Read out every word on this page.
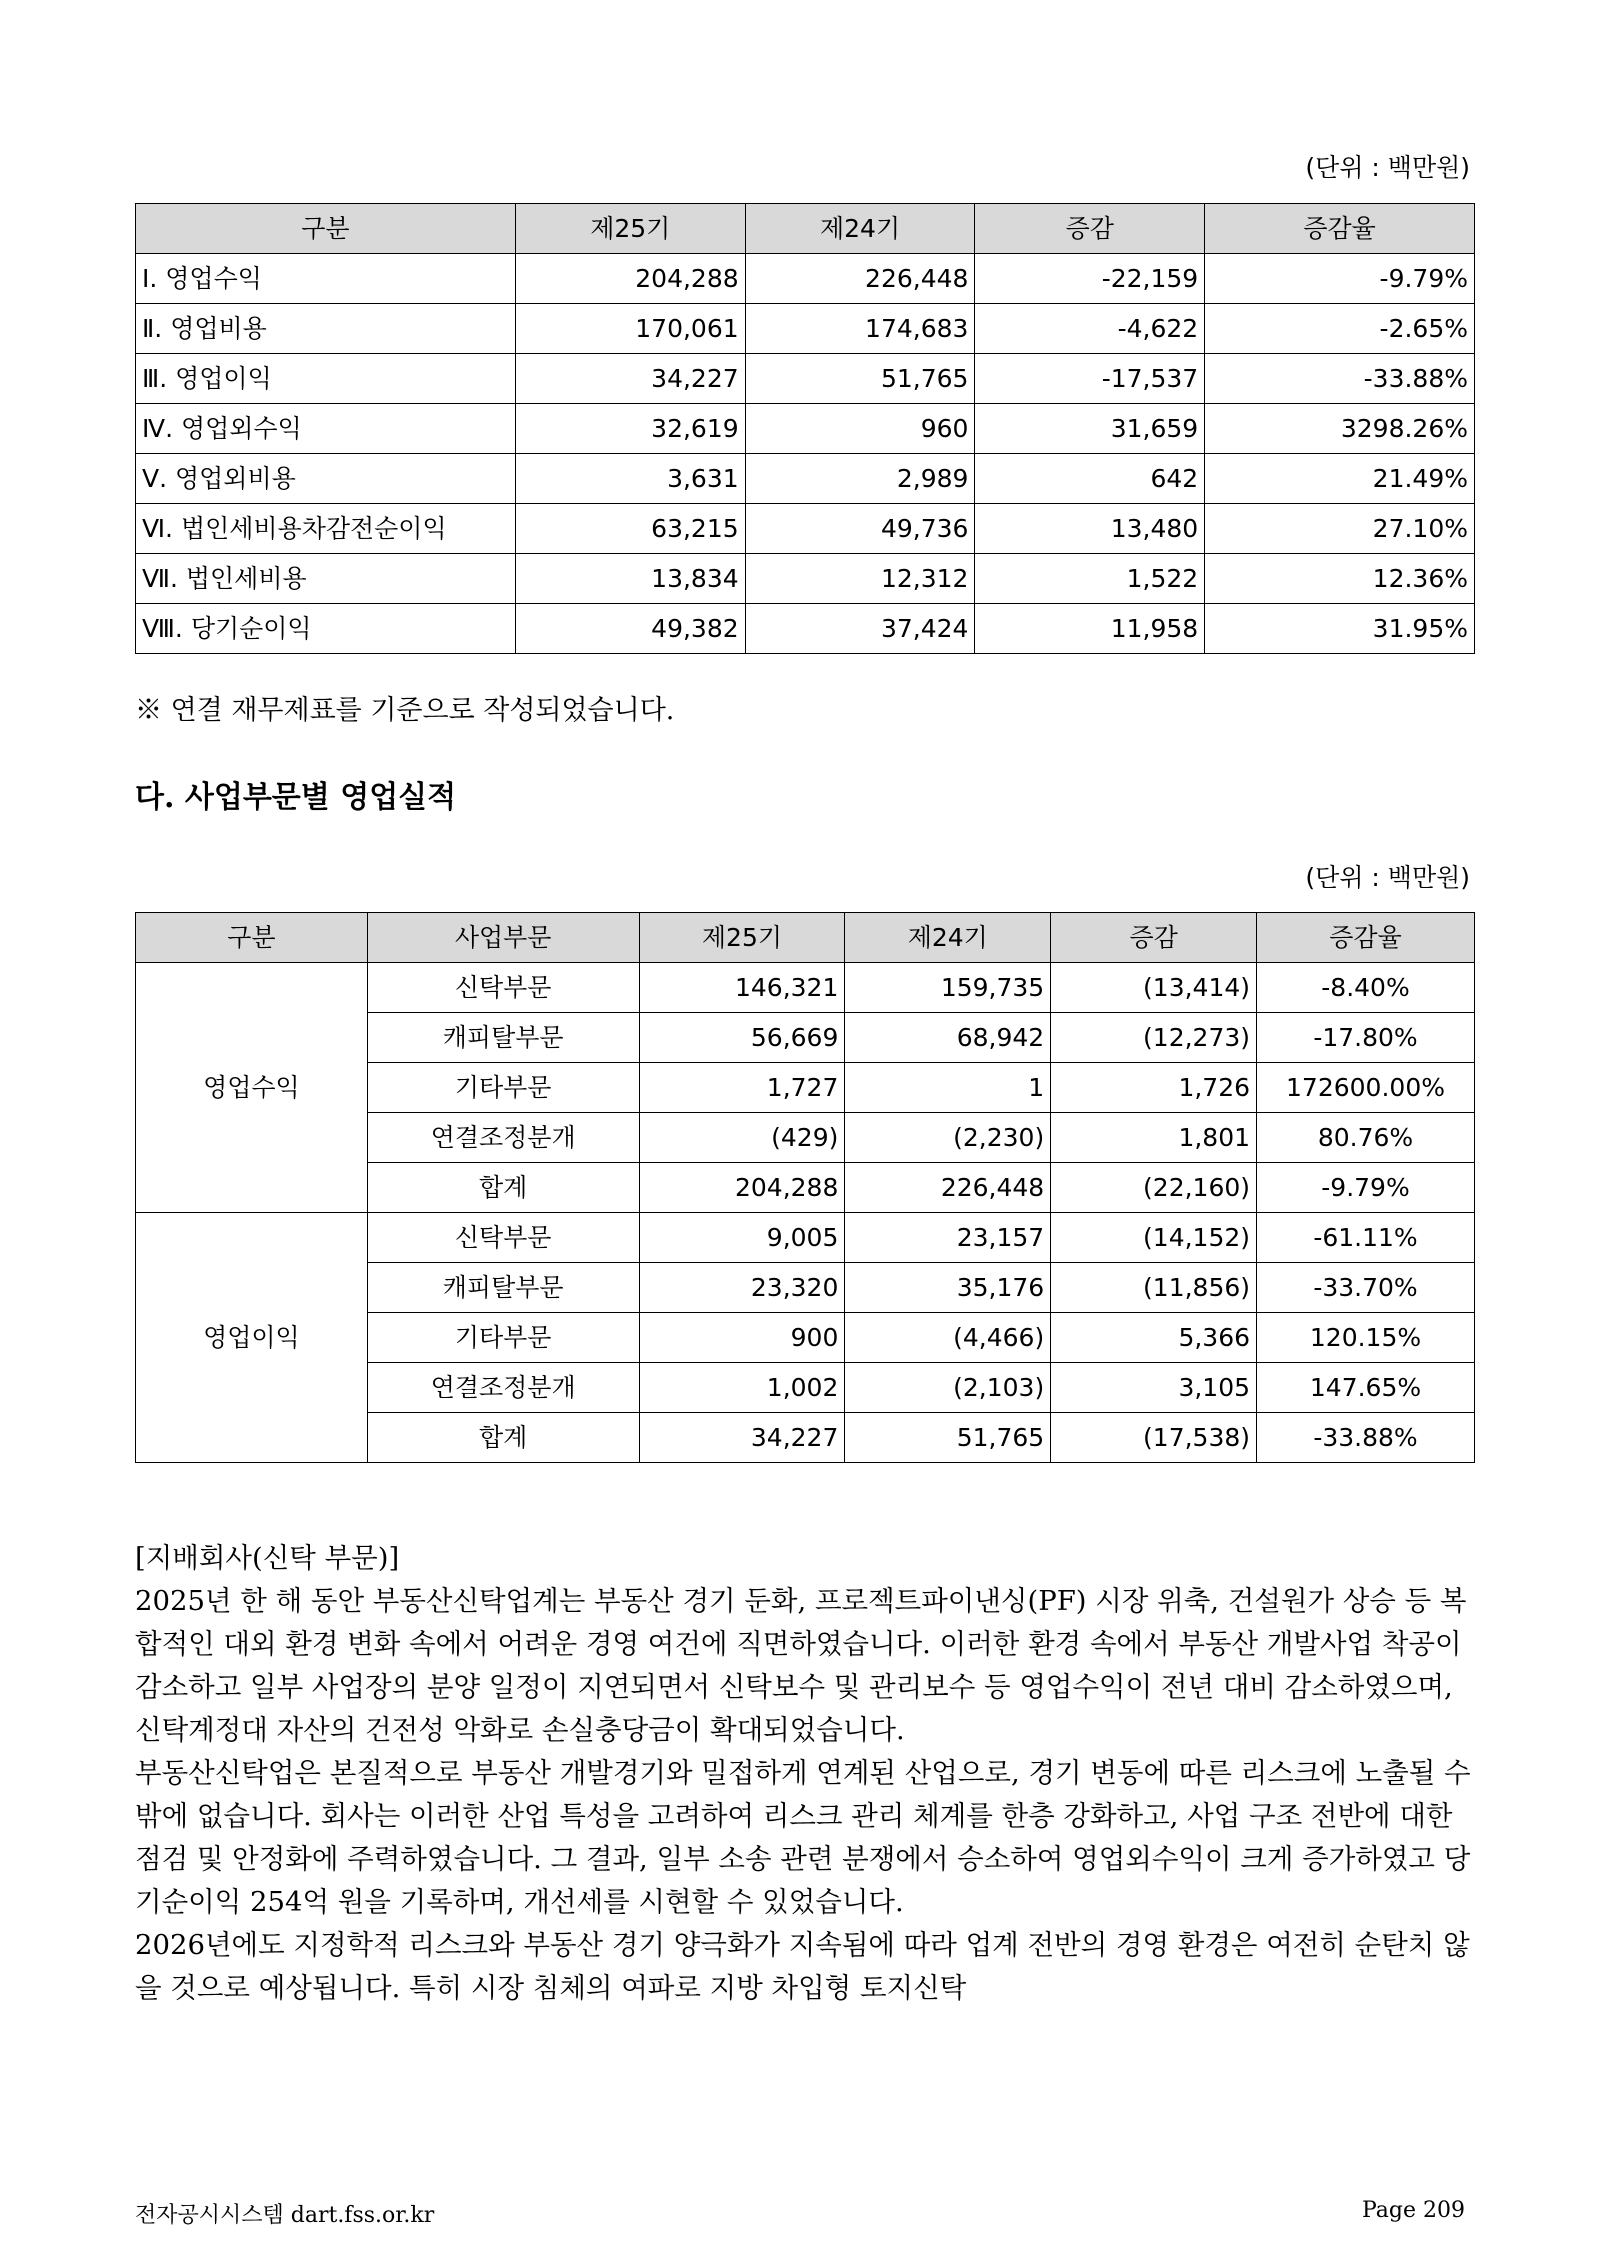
(단위 : 백만원)
구분	제25기	제24기	증감	증감율
Ⅰ. 영업수익	204,288	226,448	-22,159	-9.79%
Ⅱ. 영업비용	170,061	174,683	-4,622	-2.65%
Ⅲ. 영업이익	34,227	51,765	-17,537	-33.88%
Ⅳ. 영업외수익	32,619	960	31,659	3298.26%
Ⅴ. 영업외비용	3,631	2,989	642	21.49%
Ⅵ. 법인세비용차감전순이익	63,215	49,736	13,480	27.10%
Ⅶ. 법인세비용	13,834	12,312	1,522	12.36%
Ⅷ. 당기순이익	49,382	37,424	11,958	31.95%
※ 연결 재무제표를 기준으로 작성되었습니다.
다. 사업부문별 영업실적
(단위 : 백만원)
구분	사업부문	제25기	제24기	증감	증감율
영업수익	신탁부문	146,321	159,735	(13,414)	-8.40%
	캐피탈부문	56,669	68,942	(12,273)	-17.80%
	기타부문	1,727	1	1,726	172600.00%
	연결조정분개	(429)	(2,230)	1,801	80.76%
	합계	204,288	226,448	(22,160)	-9.79%
영업이익	신탁부문	9,005	23,157	(14,152)	-61.11%
	캐피탈부문	23,320	35,176	(11,856)	-33.70%
	기타부문	900	(4,466)	5,366	120.15%
	연결조정분개	1,002	(2,103)	3,105	147.65%
	합계	34,227	51,765	(17,538)	-33.88%

[지배회사(신탁 부문)]

2025년 한 해 동안 부동산신탁업계는 부동산 경기 둔화, 프로젝트파이낸싱(PF) 시장 위축, 건설원가 상승 등 복합적인 대외 환경 변화 속에서 어려운 경영 여건에 직면하였습니다. 이러한 환경 속에서 부동산 개발사업 착공이 감소하고 일부 사업장의 분양 일정이 지연되면서 신탁보수 및 관리보수 등 영업수익이 전년 대비 감소하였으며, 신탁계정대 자산의 건전성 악화로 손실충당금이 확대되었습니다.

부동산신탁업은 본질적으로 부동산 개발경기와 밀접하게 연계된 산업으로, 경기 변동에 따른 리스크에 노출될 수밖에 없습니다. 회사는 이러한 산업 특성을 고려하여 리스크 관리 체계를 한층 강화하고, 사업 구조 전반에 대한 점검 및 안정화에 주력하였습니다. 그 결과, 일부 소송 관련 분쟁에서 승소하여 영업외수익이 크게 증가하였고 당기순이익 254억 원을 기록하며, 개선세를 시현할 수 있었습니다.

2026년에도 지정학적 리스크와 부동산 경기 양극화가 지속됨에 따라 업계 전반의 경영 환경은 여전히 순탄치 않을 것으로 예상됩니다. 특히 시장 침체의 여파로 지방 차입형 토지신탁

전자공시시스템 dart.fss.or.kr	Page 209
